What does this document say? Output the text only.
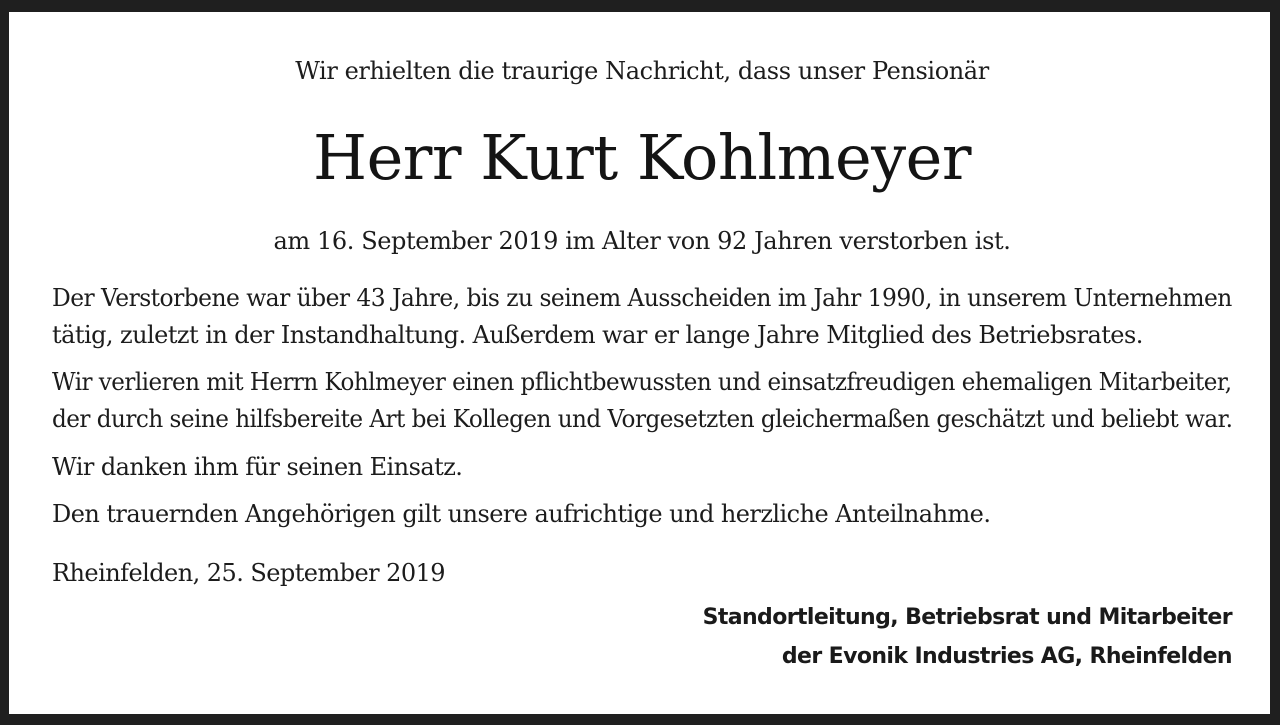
Wir erhielten die traurige Nachricht, dass unser Pensionär
Herr Kurt Kohlmeyer
am 16. September 2019 im Alter von 92 Jahren verstorben ist.
Der Verstorbene war über 43 Jahre, bis zu seinem Ausscheiden im Jahr 1990, in unserem Unternehmen
tätig, zuletzt in der Instandhaltung. Außerdem war er lange Jahre Mitglied des Betriebsrates.
Wir verlieren mit Herrn Kohlmeyer einen pflichtbewussten und einsatzfreudigen ehemaligen Mitarbeiter,
der durch seine hilfsbereite Art bei Kollegen und Vorgesetzten gleichermaßen geschätzt und beliebt war.
Wir danken ihm für seinen Einsatz.
Den trauernden Angehörigen gilt unsere aufrichtige und herzliche Anteilnahme.
Rheinfelden, 25. September 2019
Standortleitung, Betriebsrat und Mitarbeiter
der Evonik Industries AG, Rheinfelden
